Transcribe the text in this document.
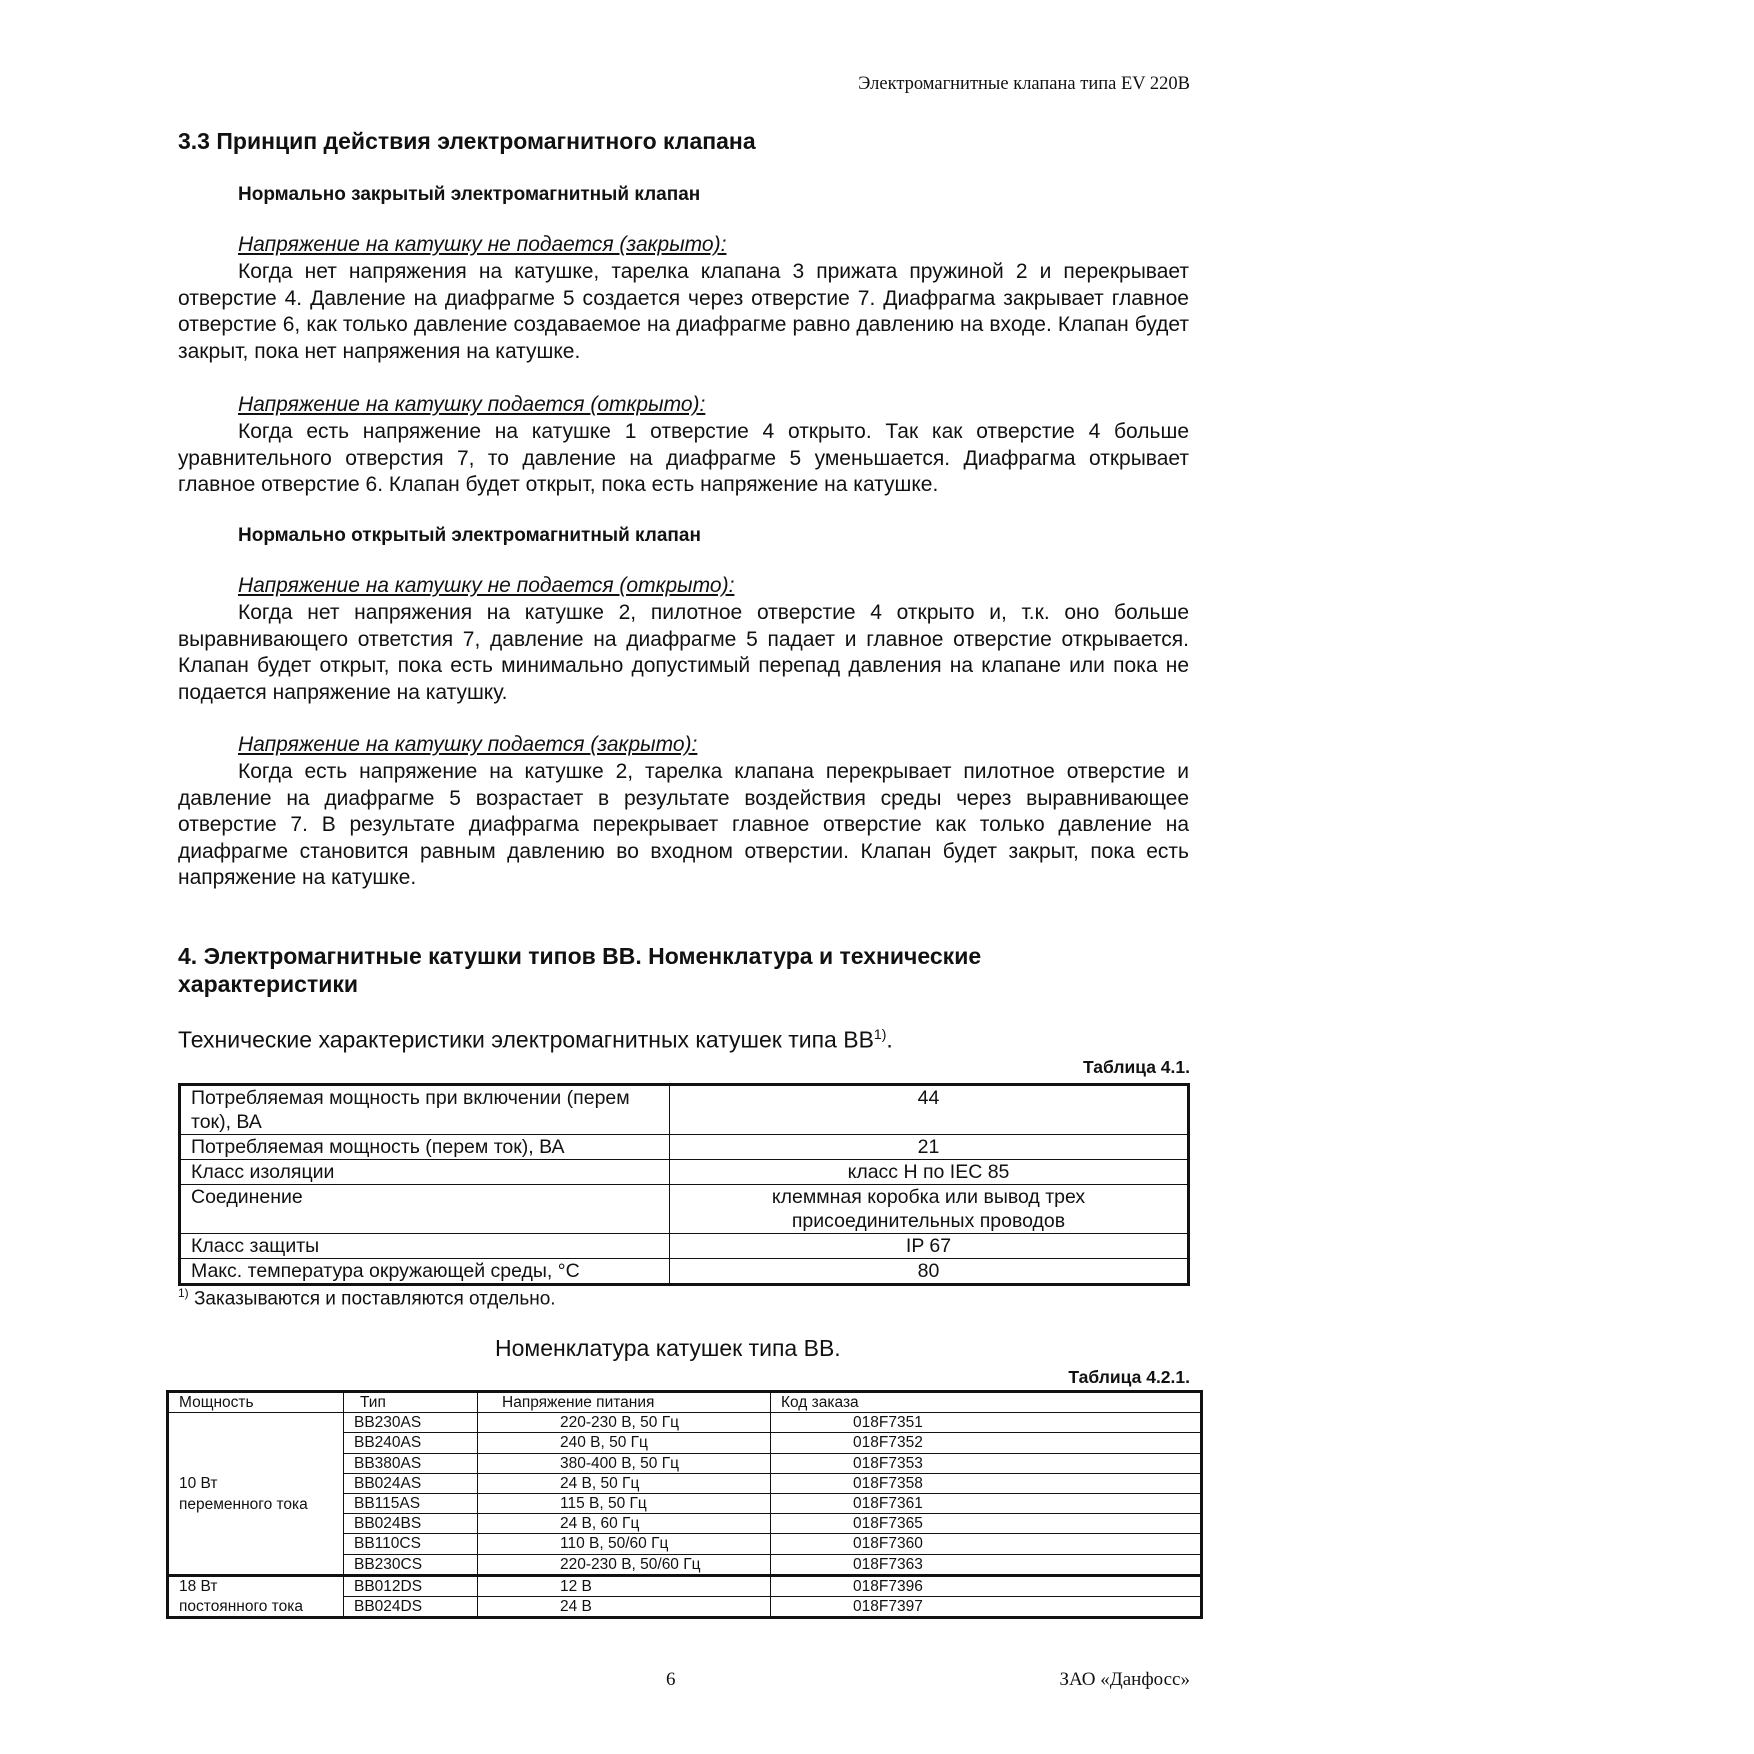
Электромагнитные клапана типа EV 220В
3.3 Принцип действия электромагнитного клапана
Нормально закрытый электромагнитный клапан
Напряжение на катушку не подается (закрыто):
Когда нет напряжения на катушке, тарелка клапана 3 прижата пружиной 2 и перекрывает отверстие 4. Давление на диафрагме 5 создается через отверстие 7. Диафрагма закрывает главное отверстие 6, как только давление создаваемое на диафрагме равно давлению на входе. Клапан будет закрыт, пока нет напряжения на катушке.
Напряжение на катушку подается (открыто):
Когда есть напряжение на катушке 1 отверстие 4 открыто. Так как отверстие 4 больше уравнительного отверстия 7, то давление на диафрагме 5 уменьшается. Диафрагма открывает главное отверстие 6. Клапан будет открыт, пока есть напряжение на катушке.
Нормально открытый электромагнитный клапан
Напряжение на катушку не подается (открыто):
Когда нет напряжения на катушке 2, пилотное отверстие 4 открыто и, т.к. оно больше выравнивающего ответстия 7, давление на диафрагме 5 падает и главное отверстие открывается. Клапан будет открыт, пока есть минимально допустимый перепад давления на клапане или пока не подается напряжение на катушку.
Напряжение на катушку подается (закрыто):
Когда есть напряжение на катушке 2, тарелка клапана перекрывает пилотное отверстие и давление на диафрагме 5 возрастает в результате воздействия среды через выравнивающее отверстие 7. В результате диафрагма перекрывает главное отверстие как только давление на диафрагме становится равным давлению во входном отверстии. Клапан будет закрыт, пока есть напряжение на катушке.
4. Электромагнитные катушки типов ВВ. Номенклатура и технические
характеристики
Технические характеристики электромагнитных катушек типа ВВ$^{1)}$.
Таблица 4.1.
Потребляемая мощность при включении (перем ток), ВА	44
Потребляемая мощность (перем ток), ВА	21
Класс изоляции	класс H по IEC 85
Соединение	клеммная коробка или вывод трех присоединительных проводов
Класс защиты	IP 67
Макс. температура окружающей среды, °C	80
$^{1)}$ Заказываются и поставляются отдельно.
Номенклатура катушек типа ВВ.
Таблица 4.2.1.
Мощность	Тип	Напряжение питания	Код заказа
10 Вт
переменного тока	BB230AS	220-230 В, 50 Гц	018F7351
	BB240AS	240 В, 50 Гц	018F7352
	BB380AS	380-400 В, 50 Гц	018F7353
	BB024AS	24 В, 50 Гц	018F7358
	BB115AS	115 В, 50 Гц	018F7361
	BB024BS	24 В, 60 Гц	018F7365
	BB110CS	110 В, 50/60 Гц	018F7360
	BB230CS	220-230 В, 50/60 Гц	018F7363
18 Вт
постоянного тока	BB012DS	12 В	018F7396
	BB024DS	24 В	018F7397
6	ЗАО «Данфосс»
